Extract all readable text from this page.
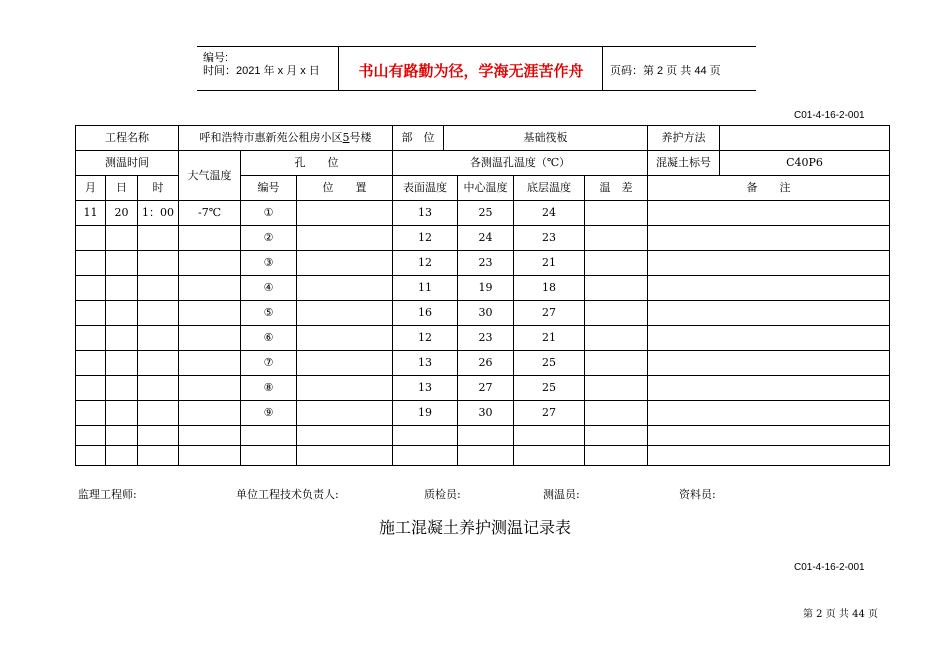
编号:
时间：2021 年 x 月 x 日	书山有路勤为径，学海无涯苦作舟	页码：第 2 页 共 44 页
C01-4-16-2-001
工程名称			呼和浩特市惠新苑公租房小区5号楼			部　位	基础筏板				养护方法	
测温时间			大气温度	孔　　位		各测温孔温度（℃）					混凝土标号	C40P6
月	日	时		编号	位　　置	表面温度		中心温度	底层温度	温　差	备　　注	
11	20	1：00	-7℃	①		13		25	24			
				②		12		24	23			
				③		12		23	21			
				④		11		19	18			
				⑤		16		30	27			
				⑥		12		23	21			
				⑦		13		26	25			
				⑧		13		27	25			
				⑨		19		30	27			

监理工程师:	单位工程技术负责人:	质检员:	测温员:	资料员:
施工混凝土养护测温记录表
C01-4-16-2-001
第 2 页 共 44 页
